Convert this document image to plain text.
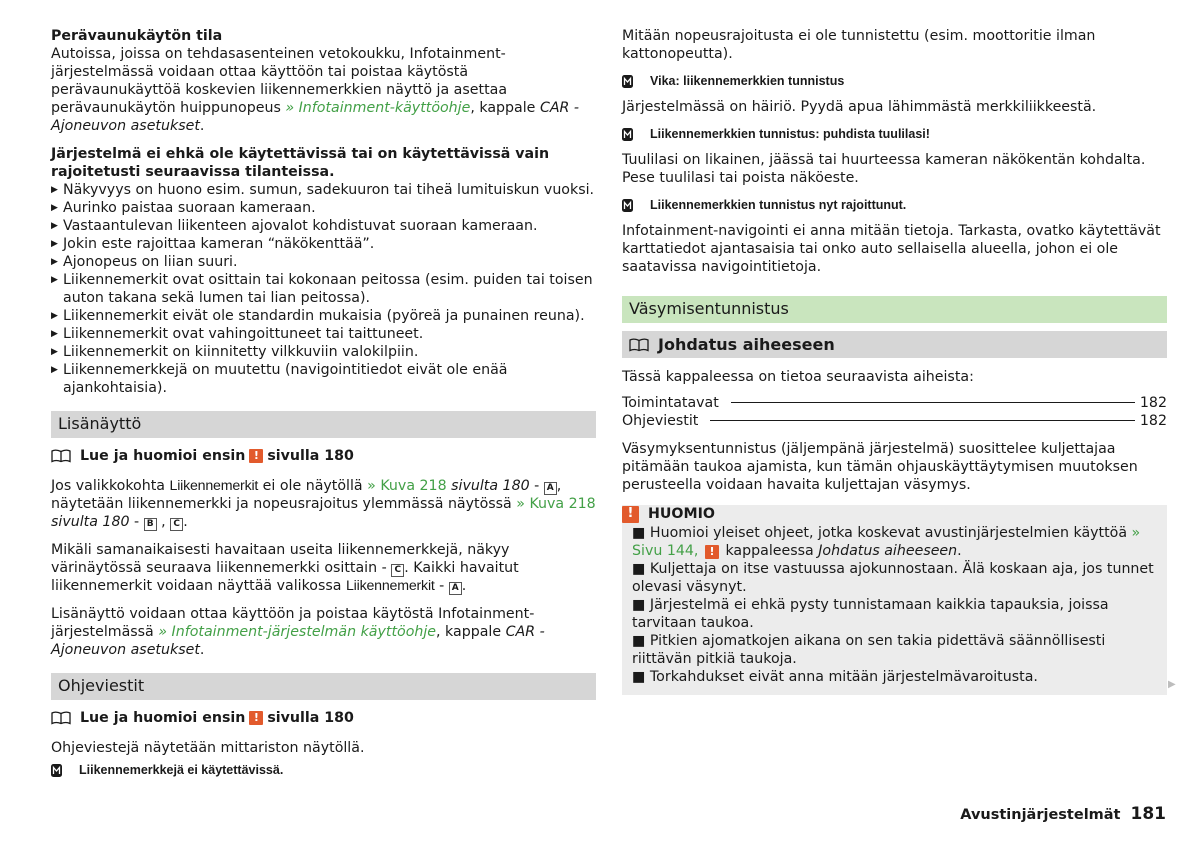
Perävaunukäytön tila

Autoissa, joissa on tehdasasenteinen vetokoukku, Infotainment-järjestelmässä voidaan ottaa käyttöön tai poistaa käytöstä perävaunukäyttöä koskevien liikennemerkkien näyttö ja asettaa perävaunukäytön huippunopeus » Infotainment-käyttöohje, kappale CAR - Ajoneuvon asetukset.

Järjestelmä ei ehkä ole käytettävissä tai on käytettävissä vain rajoitetusti seuraavissa tilanteissa.

▶ Näkyvyys on huono esim. sumun, sadekuuron tai tiheä lumituiskun vuoksi.
▶ Aurinko paistaa suoraan kameraan.
▶ Vastaantulevan liikenteen ajovalot kohdistuvat suoraan kameraan.
▶ Jokin este rajoittaa kameran “näkökenttää”.
▶ Ajonopeus on liian suuri.
▶ Liikennemerkit ovat osittain tai kokonaan peitossa (esim. puiden tai toisen auton takana sekä lumen tai lian peitossa).
▶ Liikennemerkit eivät ole standardin mukaisia (pyöreä ja punainen reuna).
▶ Liikennemerkit ovat vahingoittuneet tai taittuneet.
▶ Liikennemerkit on kiinnitetty vilkkuviin valokilpiin.
▶ Liikennemerkkejä on muutettu (navigointitiedot eivät ole enää ajankohtaisia).
Lisänäyttö
Lue ja huomioi ensin ! sivulla 180

Jos valikkokohta Liikennemerkit ei ole näytöllä » Kuva 218 sivulta 180 - A , näytetään liikennemerkki ja nopeusrajoitus ylemmässä näytössä » Kuva 218 sivulta 180 - B , C .

Mikäli samanaikaisesti havaitaan useita liikennemerkkejä, näkyy värinäytössä seuraava liikennemerkki osittain - C . Kaikki havaitut liikennemerkit voidaan näyttää valikossa Liikennemerkit - A .

Lisänäyttö voidaan ottaa käyttöön ja poistaa käytöstä Infotainment-järjestelmässä » Infotainment-järjestelmän käyttöohje, kappale CAR - Ajoneuvon asetukset.

Ohjeviestit
Lue ja huomioi ensin ! sivulla 180

Ohjeviestejä näytetään mittariston näytöllä.

Liikennemerkkejä ei käytettävissä.

Mitään nopeusrajoitusta ei ole tunnistettu (esim. moottoritie ilman kattonopeutta).

Vika: liikennemerkkien tunnistus

Järjestelmässä on häiriö. Pyydä apua lähimmästä merkkiliikkeestä.

Liikennemerkkien tunnistus: puhdista tuulilasi!

Tuulilasi on likainen, jäässä tai huurteessa kameran näkökentän kohdalta. Pese tuulilasi tai poista näköeste.

Liikennemerkkien tunnistus nyt rajoittunut.

Infotainment-navigointi ei anna mitään tietoja. Tarkasta, ovatko käytettävät karttatiedot ajantasaisia tai onko auto sellaisella alueella, johon ei ole saatavissa navigointitietoja.

Väsymisentunnistus
Johdatus aiheeseen

Tässä kappaleessa on tietoa seuraavista aiheista:

Toimintatavat	182
Ohjeviestit	182

Väsymyksentunnistus (jäljempänä järjestelmä) suosittelee kuljettajaa pitämään taukoa ajamista, kun tämän ohjauskäyttäytymisen muutoksen perusteella voidaan havaita kuljettajan väsymys.

!	HUOMIO

■ Huomioi yleiset ohjeet, jotka koskevat avustinjärjestelmien käyttöä » Sivu 144, ! kappaleessa Johdatus aiheeseen.

■ Kuljettaja on itse vastuussa ajokunnostaan. Älä koskaan aja, jos tunnet olevasi väsynyt.

■ Järjestelmä ei ehkä pysty tunnistamaan kaikkia tapauksia, joissa tarvitaan taukoa.

■ Pitkien ajomatkojen aikana on sen takia pidettävä säännöllisesti riittävän pitkiä taukoja.

■ Torkahdukset eivät anna mitään järjestelmävaroitusta.	▶
Avustinjärjestelmät 181
